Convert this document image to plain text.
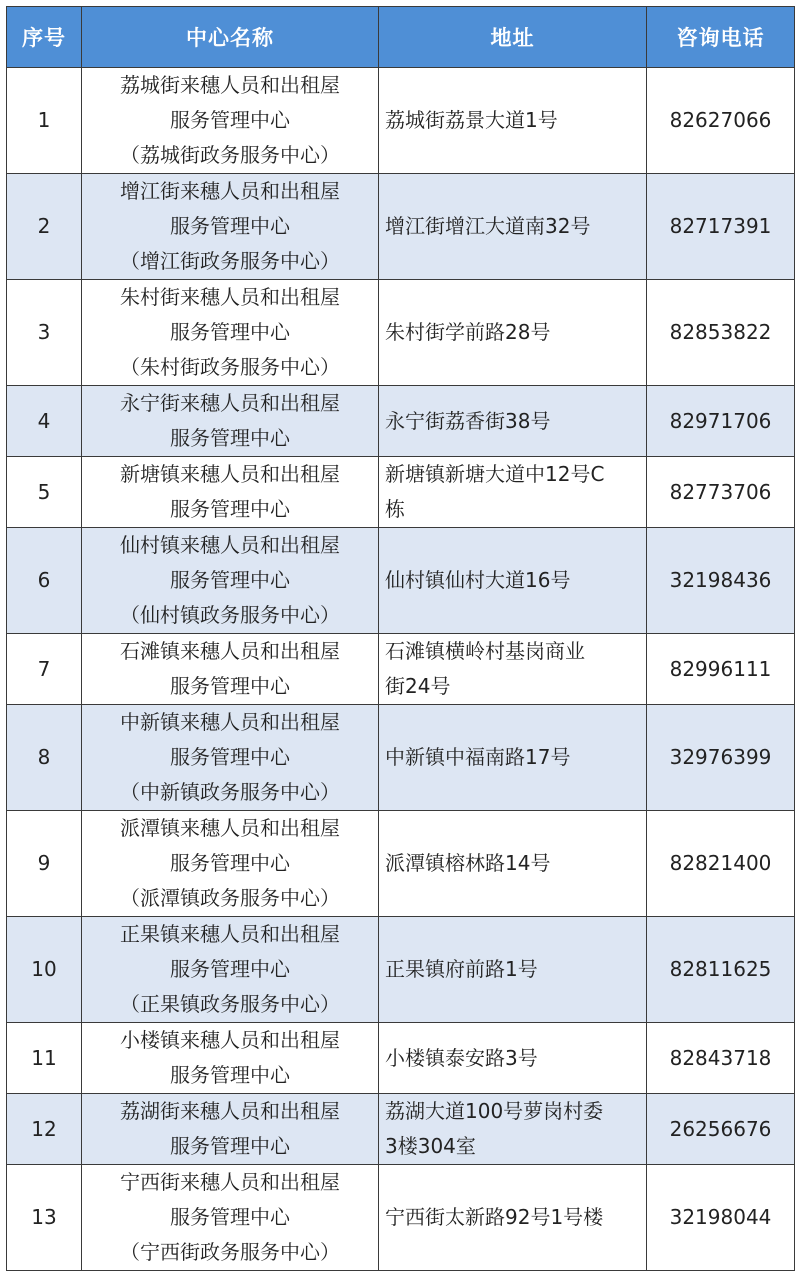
序号	中心名称	地址	咨询电话
1	荔城街来穗人员和出租屋
服务管理中心
（荔城街政务服务中心）	荔城街荔景大道1号	82627066
2	增江街来穗人员和出租屋
服务管理中心
（增江街政务服务中心）	增江街增江大道南32号	82717391
3	朱村街来穗人员和出租屋
服务管理中心
（朱村街政务服务中心）	朱村街学前路28号	82853822
4	永宁街来穗人员和出租屋
服务管理中心	永宁街荔香街38号	82971706
5	新塘镇来穗人员和出租屋
服务管理中心	新塘镇新塘大道中12号C
栋	82773706
6	仙村镇来穗人员和出租屋
服务管理中心
（仙村镇政务服务中心）	仙村镇仙村大道16号	32198436
7	石滩镇来穗人员和出租屋
服务管理中心	石滩镇横岭村基岗商业
街24号	82996111
8	中新镇来穗人员和出租屋
服务管理中心
（中新镇政务服务中心）	中新镇中福南路17号	32976399
9	派潭镇来穗人员和出租屋
服务管理中心
（派潭镇政务服务中心）	派潭镇榕林路14号	82821400
10	正果镇来穗人员和出租屋
服务管理中心
（正果镇政务服务中心）	正果镇府前路1号	82811625
11	小楼镇来穗人员和出租屋
服务管理中心	小楼镇泰安路3号	82843718
12	荔湖街来穗人员和出租屋
服务管理中心	荔湖大道100号萝岗村委
3楼304室	26256676
13	宁西街来穗人员和出租屋
服务管理中心
（宁西街政务服务中心）	宁西街太新路92号1号楼	32198044
